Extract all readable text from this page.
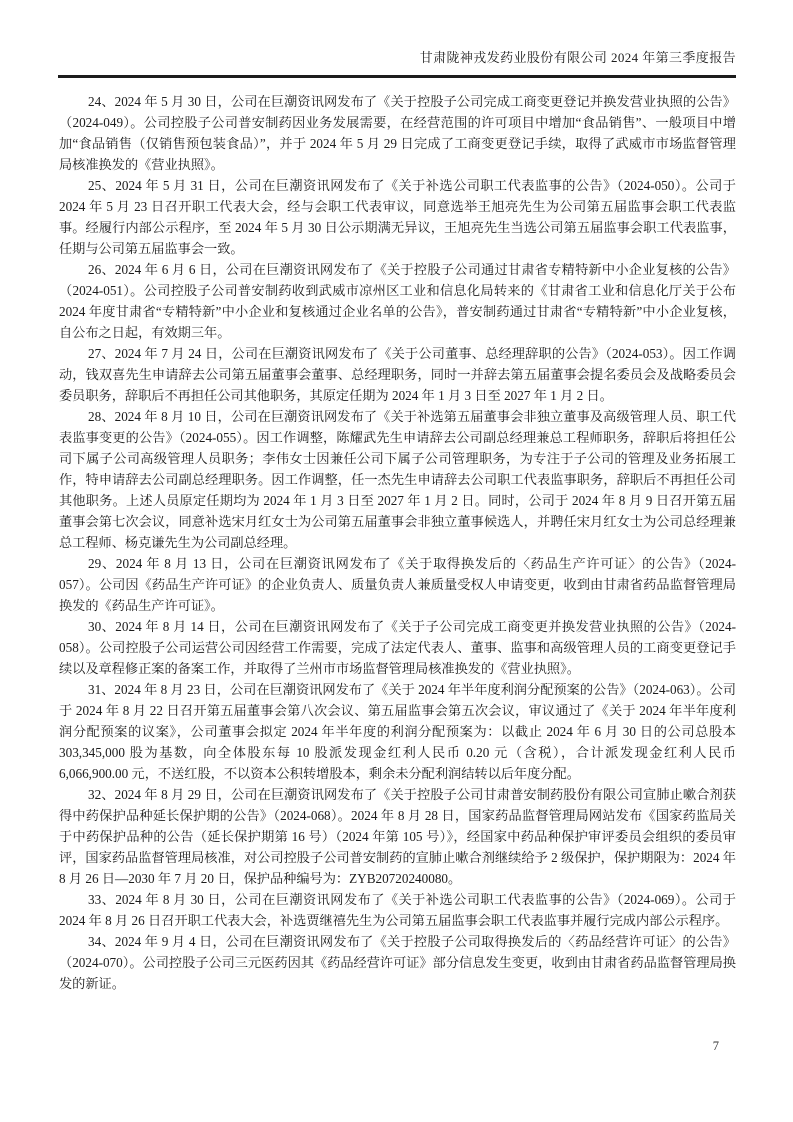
甘肃陇神戎发药业股份有限公司 2024 年第三季度报告

24、2024 年 5 月 30 日，公司在巨潮资讯网发布了《关于控股子公司完成工商变更登记并换发营业执照的公告》（2024-049）。公司控股子公司普安制药因业务发展需要，在经营范围的许可项目中增加“食品销售”、一般项目中增加“食品销售（仅销售预包装食品）”，并于 2024 年 5 月 29 日完成了工商变更登记手续，取得了武威市市场监督管理局核准换发的《营业执照》。

25、2024 年 5 月 31 日，公司在巨潮资讯网发布了《关于补选公司职工代表监事的公告》（2024-050）。公司于 2024 年 5 月 23 日召开职工代表大会，经与会职工代表审议，同意选举王旭亮先生为公司第五届监事会职工代表监事。经履行内部公示程序，至 2024 年 5 月 30 日公示期满无异议，王旭亮先生当选公司第五届监事会职工代表监事，任期与公司第五届监事会一致。

26、2024 年 6 月 6 日，公司在巨潮资讯网发布了《关于控股子公司通过甘肃省专精特新中小企业复核的公告》（2024-051）。公司控股子公司普安制药收到武威市凉州区工业和信息化局转来的《甘肃省工业和信息化厅关于公布 2024 年度甘肃省“专精特新”中小企业和复核通过企业名单的公告》，普安制药通过甘肃省“专精特新”中小企业复核，自公布之日起，有效期三年。

27、2024 年 7 月 24 日，公司在巨潮资讯网发布了《关于公司董事、总经理辞职的公告》（2024-053）。因工作调动，钱双喜先生申请辞去公司第五届董事会董事、总经理职务，同时一并辞去第五届董事会提名委员会及战略委员会委员职务，辞职后不再担任公司其他职务，其原定任期为 2024 年 1 月 3 日至 2027 年 1 月 2 日。

28、2024 年 8 月 10 日，公司在巨潮资讯网发布了《关于补选第五届董事会非独立董事及高级管理人员、职工代表监事变更的公告》（2024-055）。因工作调整，陈耀武先生申请辞去公司副总经理兼总工程师职务，辞职后将担任公司下属子公司高级管理人员职务；李伟女士因兼任公司下属子公司管理职务，为专注于子公司的管理及业务拓展工作，特申请辞去公司副总经理职务。因工作调整，任一杰先生申请辞去公司职工代表监事职务，辞职后不再担任公司其他职务。上述人员原定任期均为 2024 年 1 月 3 日至 2027 年 1 月 2 日。同时，公司于 2024 年 8 月 9 日召开第五届董事会第七次会议，同意补选宋月红女士为公司第五届董事会非独立董事候选人，并聘任宋月红女士为公司总经理兼总工程师、杨克谦先生为公司副总经理。

29、2024 年 8 月 13 日，公司在巨潮资讯网发布了《关于取得换发后的〈药品生产许可证〉的公告》（2024-057）。公司因《药品生产许可证》的企业负责人、质量负责人兼质量受权人申请变更，收到由甘肃省药品监督管理局换发的《药品生产许可证》。

30、2024 年 8 月 14 日，公司在巨潮资讯网发布了《关于子公司完成工商变更并换发营业执照的公告》（2024-058）。公司控股子公司运营公司因经营工作需要，完成了法定代表人、董事、监事和高级管理人员的工商变更登记手续以及章程修正案的备案工作，并取得了兰州市市场监督管理局核准换发的《营业执照》。

31、2024 年 8 月 23 日，公司在巨潮资讯网发布了《关于 2024 年半年度利润分配预案的公告》（2024-063）。公司于 2024 年 8 月 22 日召开第五届董事会第八次会议、第五届监事会第五次会议，审议通过了《关于 2024 年半年度利润分配预案的议案》，公司董事会拟定 2024 年半年度的利润分配预案为：以截止 2024 年 6 月 30 日的公司总股本 303,345,000 股为基数，向全体股东每 10 股派发现金红利人民币 0.20 元（含税），合计派发现金红利人民币 6,066,900.00 元，不送红股，不以资本公积转增股本，剩余未分配利润结转以后年度分配。

32、2024 年 8 月 29 日，公司在巨潮资讯网发布了《关于控股子公司甘肃普安制药股份有限公司宣肺止嗽合剂获得中药保护品种延长保护期的公告》（2024-068）。2024 年 8 月 28 日，国家药品监督管理局网站发布《国家药监局关于中药保护品种的公告（延长保护期第 16 号）（2024 年第 105 号）》，经国家中药品种保护审评委员会组织的委员审评，国家药品监督管理局核准，对公司控股子公司普安制药的宣肺止嗽合剂继续给予 2 级保护，保护期限为：2024 年 8 月 26 日—2030 年 7 月 20 日，保护品种编号为：ZYB20720240080。

33、2024 年 8 月 30 日，公司在巨潮资讯网发布了《关于补选公司职工代表监事的公告》（2024-069）。公司于 2024 年 8 月 26 日召开职工代表大会，补选贾继禧先生为公司第五届监事会职工代表监事并履行完成内部公示程序。

34、2024 年 9 月 4 日，公司在巨潮资讯网发布了《关于控股子公司取得换发后的〈药品经营许可证〉的公告》（2024-070）。公司控股子公司三元医药因其《药品经营许可证》部分信息发生变更，收到由甘肃省药品监督管理局换发的新证。

7
